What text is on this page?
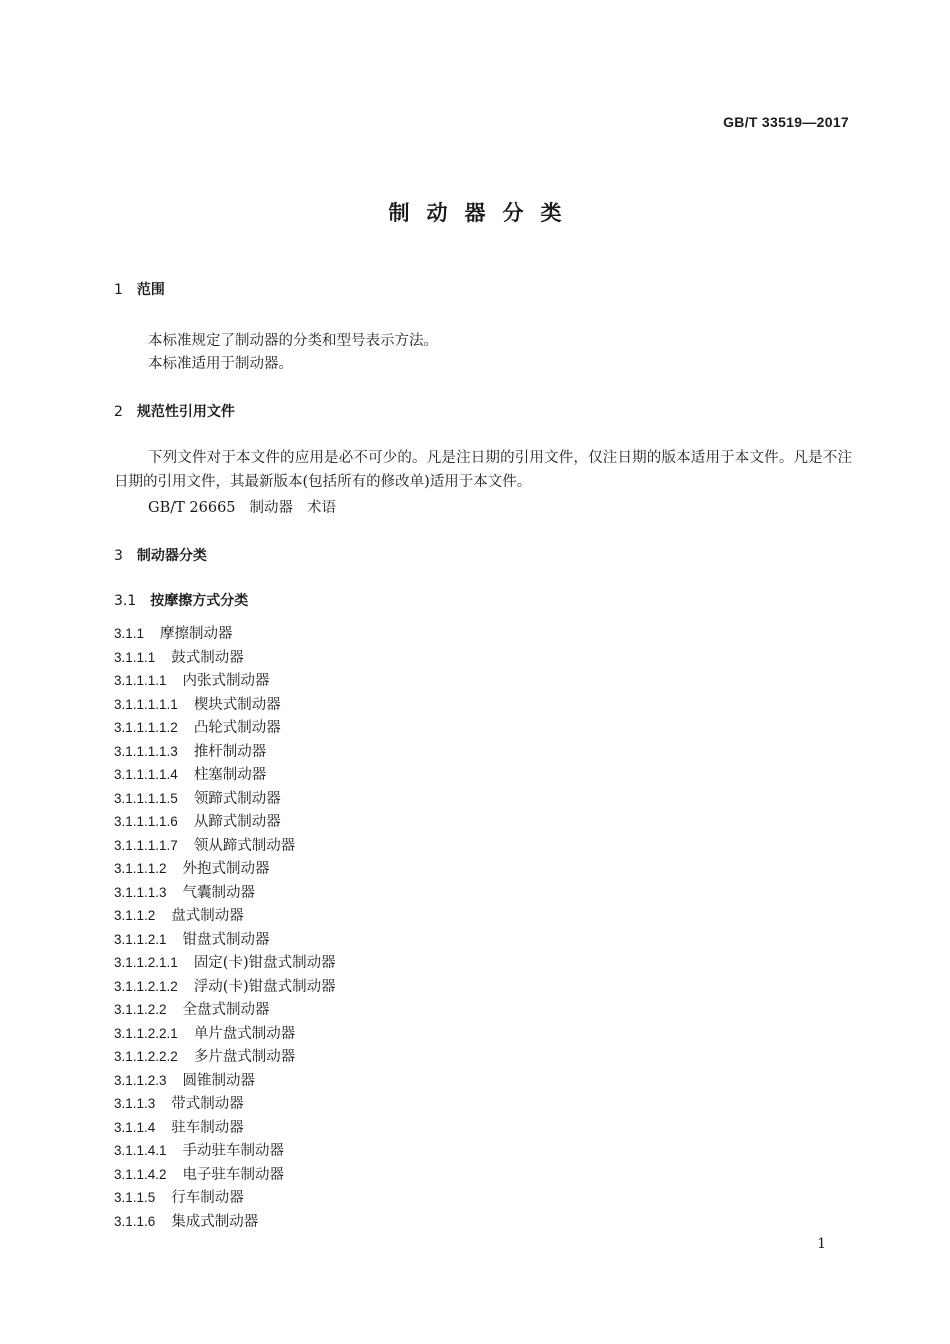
GB/T 33519—2017
制动器分类
1 范围
本标准规定了制动器的分类和型号表示方法。
本标准适用于制动器。
2 规范性引用文件
下列文件对于本文件的应用是必不可少的。凡是注日期的引用文件，仅注日期的版本适用于本文件。凡是不注日期的引用文件，其最新版本(包括所有的修改单)适用于本文件。
GB/T 26665 制动器 术语
3 制动器分类
3.1 按摩擦方式分类
3.1.1 摩擦制动器
3.1.1.1 鼓式制动器
3.1.1.1.1 内张式制动器
3.1.1.1.1.1 楔块式制动器
3.1.1.1.1.2 凸轮式制动器
3.1.1.1.1.3 推杆制动器
3.1.1.1.1.4 柱塞制动器
3.1.1.1.1.5 领蹄式制动器
3.1.1.1.1.6 从蹄式制动器
3.1.1.1.1.7 领从蹄式制动器
3.1.1.1.2 外抱式制动器
3.1.1.1.3 气囊制动器
3.1.1.2 盘式制动器
3.1.1.2.1 钳盘式制动器
3.1.1.2.1.1 固定(卡)钳盘式制动器
3.1.1.2.1.2 浮动(卡)钳盘式制动器
3.1.1.2.2 全盘式制动器
3.1.1.2.2.1 单片盘式制动器
3.1.1.2.2.2 多片盘式制动器
3.1.1.2.3 圆锥制动器
3.1.1.3 带式制动器
3.1.1.4 驻车制动器
3.1.1.4.1 手动驻车制动器
3.1.1.4.2 电子驻车制动器
3.1.1.5 行车制动器
3.1.1.6 集成式制动器
1
